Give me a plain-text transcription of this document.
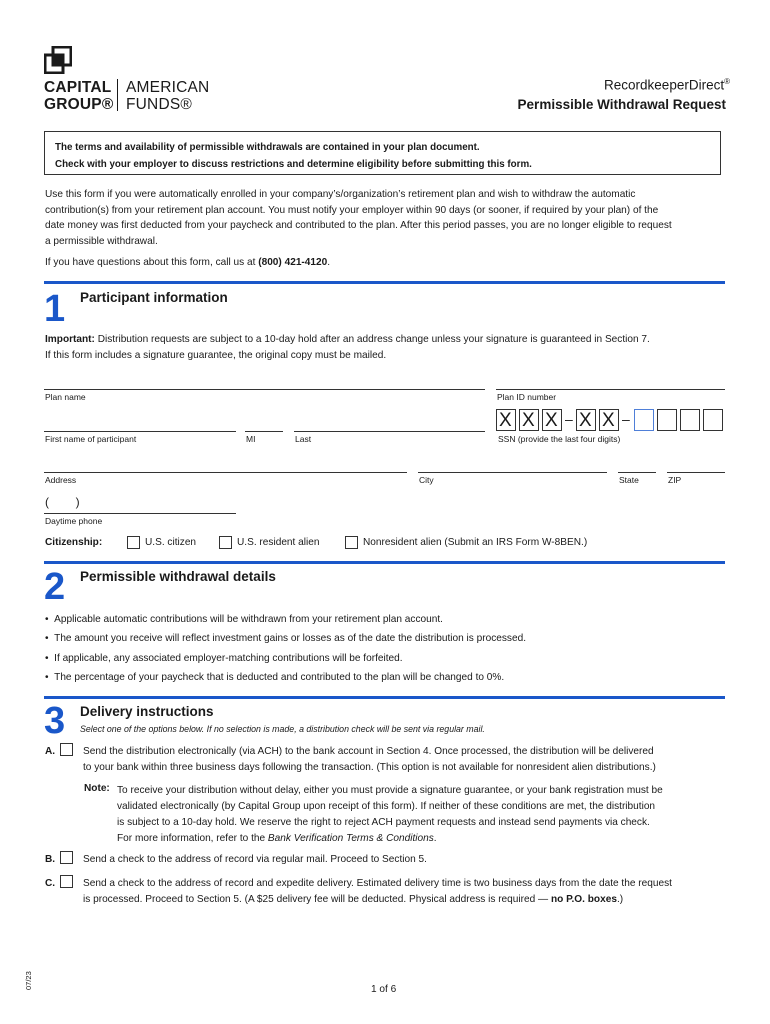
CAPITAL
GROUP®
AMERICAN
FUNDS®
RecordkeeperDirect®
Permissible Withdrawal Request
The terms and availability of permissible withdrawals are contained in your plan document.
Check with your employer to discuss restrictions and determine eligibility before submitting this form.
Use this form if you were automatically enrolled in your company’s/organization’s retirement plan and wish to withdraw the automatic
contribution(s) from your retirement plan account. You must notify your employer within 90 days (or sooner, if required by your plan) of the
date money was first deducted from your paycheck and contributed to the plan. After this period passes, you are no longer eligible to request
a permissible withdrawal.
If you have questions about this form, call us at (800) 421-4120.
1 Participant information
Important: Distribution requests are subject to a 10-day hold after an address change unless your signature is guaranteed in Section 7.
If this form includes a signature guarantee, the original copy must be mailed.
Plan name	Plan ID number
First name of participant	MI	Last
X X X X X
–	–
SSN (provide the last four digits)
Address	City	State	ZIP
(        )
Daytime phone
Citizenship:	U.S. citizen	U.S. resident alien	Nonresident alien (Submit an IRS Form W-8BEN.)
2 Permissible withdrawal details
•  Applicable automatic contributions will be withdrawn from your retirement plan account.
•  The amount you receive will reflect investment gains or losses as of the date the distribution is processed.
•  If applicable, any associated employer-matching contributions will be forfeited.
•  The percentage of your paycheck that is deducted and contributed to the plan will be changed to 0%.
3 Delivery instructions
Select one of the options below. If no selection is made, a distribution check will be sent via regular mail.
A.	Send the distribution electronically (via ACH) to the bank account in Section 4. Once processed, the distribution will be delivered
to your bank within three business days following the transaction. (This option is not available for nonresident alien distributions.)
Note: To receive your distribution without delay, either you must provide a signature guarantee, or your bank registration must be
validated electronically (by Capital Group upon receipt of this form). If neither of these conditions are met, the distribution
is subject to a 10-day hold. We reserve the right to reject ACH payment requests and instead send payments via check.
For more information, refer to the Bank Verification Terms & Conditions.
B.	Send a check to the address of record via regular mail. Proceed to Section 5.
C.	Send a check to the address of record and expedite delivery. Estimated delivery time is two business days from the date the request
is processed. Proceed to Section 5. (A $25 delivery fee will be deducted. Physical address is required — no P.O. boxes.)
1 of 6
07/23
